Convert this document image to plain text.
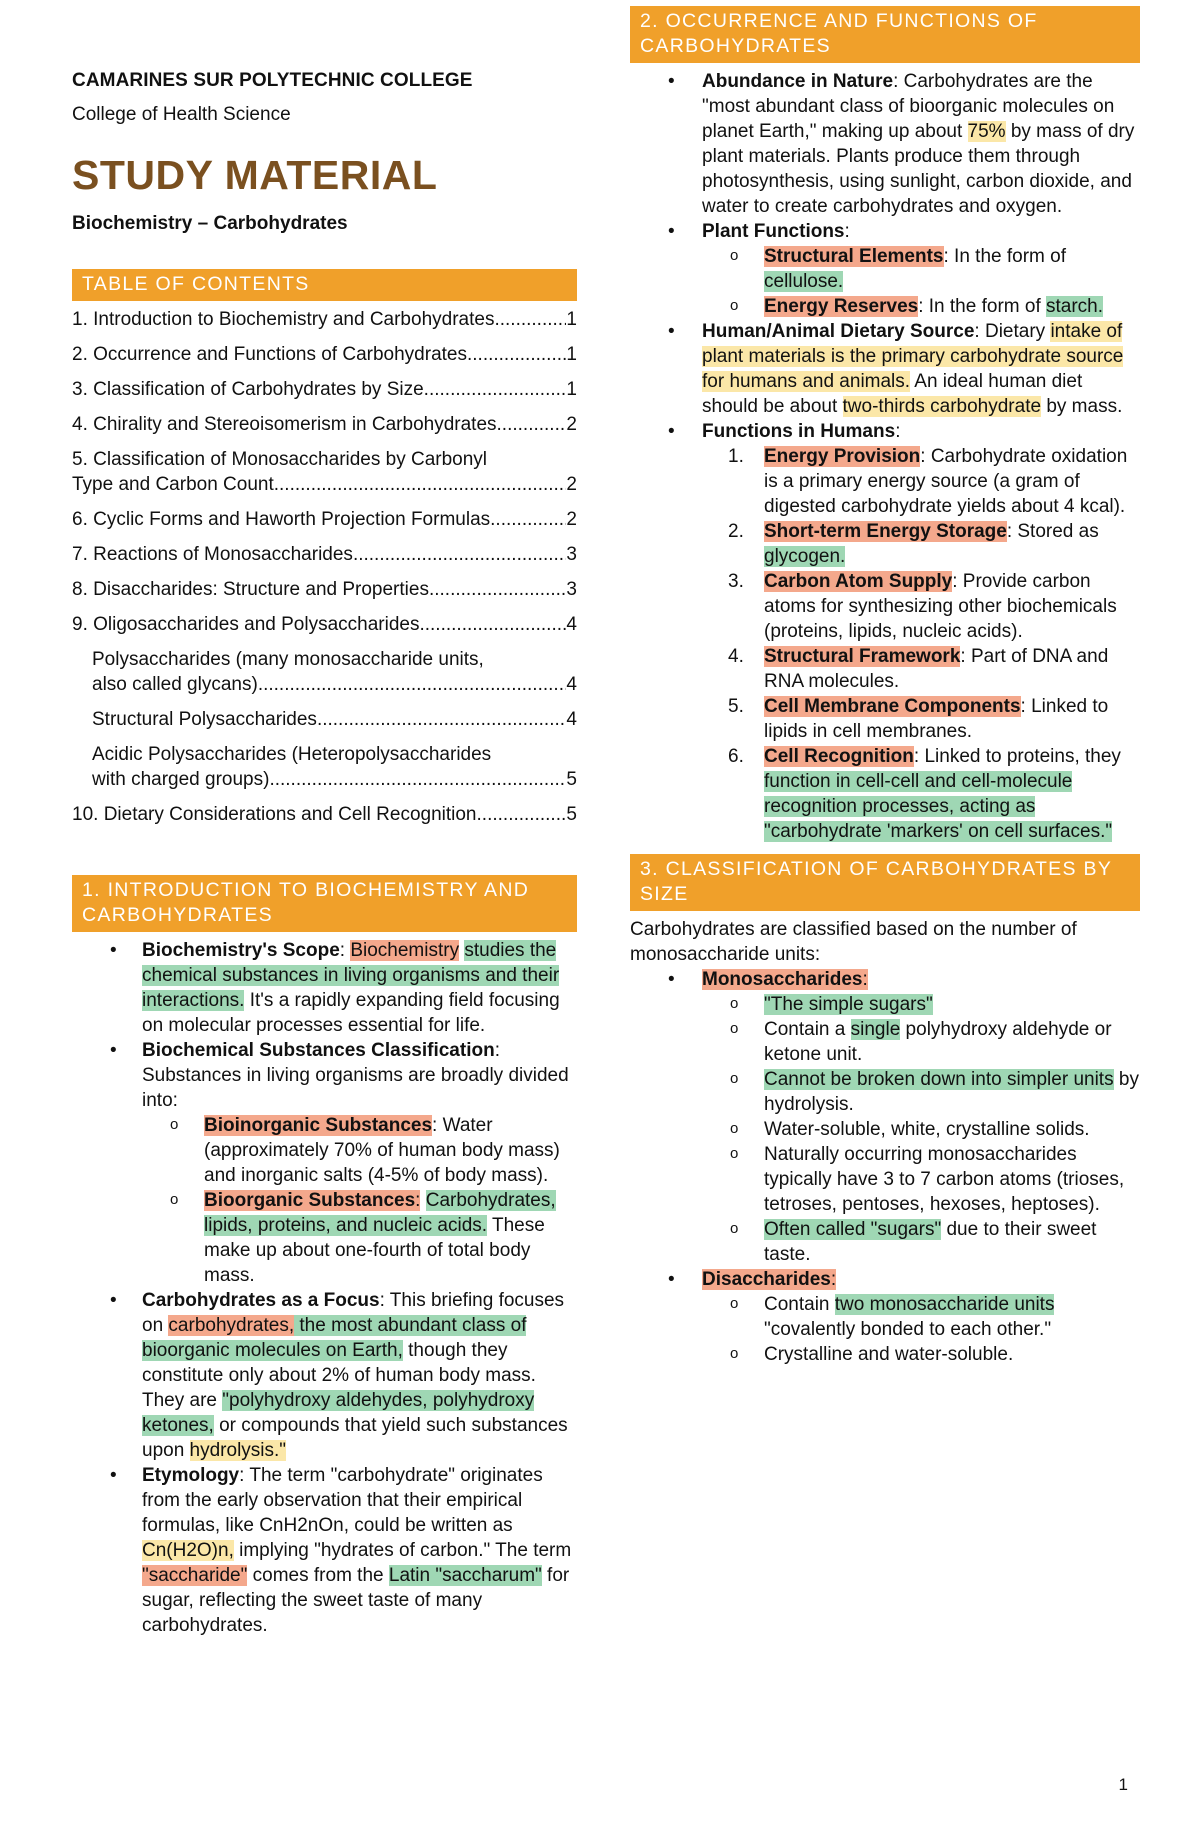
CAMARINES SUR POLYTECHNIC COLLEGE
College of Health Science
STUDY MATERIAL
Biochemistry – Carbohydrates
TABLE OF CONTENTS
1. Introduction to Biochemistry and Carbohydrates .....	1
2. Occurrence and Functions of Carbohydrates .....	1
3. Classification of Carbohydrates by Size .....	1
4. Chirality and Stereoisomerism in Carbohydrates .....	2
5. Classification of Monosaccharides by Carbonyl
Type and Carbon Count .....	2
6. Cyclic Forms and Haworth Projection Formulas .....	2
7. Reactions of Monosaccharides .....	3
8. Disaccharides: Structure and Properties .....	3
9. Oligosaccharides and Polysaccharides .....	4
Polysaccharides (many monosaccharide units,
also called glycans) .....	4
Structural Polysaccharides .....	4
Acidic Polysaccharides (Heteropolysaccharides
with charged groups) .....	5
10. Dietary Considerations and Cell Recognition .....	5
1. INTRODUCTION TO BIOCHEMISTRY AND CARBOHYDRATES
• Biochemistry's Scope: Biochemistry studies the chemical substances in living organisms and their interactions. It's a rapidly expanding field focusing on molecular processes essential for life.
• Biochemical Substances Classification: Substances in living organisms are broadly divided into:
o Bioinorganic Substances: Water (approximately 70% of human body mass) and inorganic salts (4-5% of body mass).
o Bioorganic Substances: Carbohydrates, lipids, proteins, and nucleic acids. These make up about one-fourth of total body mass.
• Carbohydrates as a Focus: This briefing focuses on carbohydrates, the most abundant class of bioorganic molecules on Earth, though they constitute only about 2% of human body mass. They are "polyhydroxy aldehydes, polyhydroxy ketones, or compounds that yield such substances upon hydrolysis."
• Etymology: The term "carbohydrate" originates from the early observation that their empirical formulas, like CnH2nOn, could be written as Cn(H2O)n, implying "hydrates of carbon." The term "saccharide" comes from the Latin "saccharum" for sugar, reflecting the sweet taste of many carbohydrates.
2. OCCURRENCE AND FUNCTIONS OF CARBOHYDRATES
• Abundance in Nature: Carbohydrates are the "most abundant class of bioorganic molecules on planet Earth," making up about 75% by mass of dry plant materials. Plants produce them through photosynthesis, using sunlight, carbon dioxide, and water to create carbohydrates and oxygen.
• Plant Functions:
o Structural Elements: In the form of cellulose.
o Energy Reserves: In the form of starch.
• Human/Animal Dietary Source: Dietary intake of plant materials is the primary carbohydrate source for humans and animals. An ideal human diet should be about two-thirds carbohydrate by mass.
• Functions in Humans:
1. Energy Provision: Carbohydrate oxidation is a primary energy source (a gram of digested carbohydrate yields about 4 kcal).
2. Short-term Energy Storage: Stored as glycogen.
3. Carbon Atom Supply: Provide carbon atoms for synthesizing other biochemicals (proteins, lipids, nucleic acids).
4. Structural Framework: Part of DNA and RNA molecules.
5. Cell Membrane Components: Linked to lipids in cell membranes.
6. Cell Recognition: Linked to proteins, they function in cell-cell and cell-molecule recognition processes, acting as "carbohydrate 'markers' on cell surfaces."
3. CLASSIFICATION OF CARBOHYDRATES BY SIZE
Carbohydrates are classified based on the number of monosaccharide units:
• Monosaccharides:
o "The simple sugars"
o Contain a single polyhydroxy aldehyde or ketone unit.
o Cannot be broken down into simpler units by hydrolysis.
o Water-soluble, white, crystalline solids.
o Naturally occurring monosaccharides typically have 3 to 7 carbon atoms (trioses, tetroses, pentoses, hexoses, heptoses).
o Often called "sugars" due to their sweet taste.
• Disaccharides:
o Contain two monosaccharide units "covalently bonded to each other."
o Crystalline and water-soluble.
1
